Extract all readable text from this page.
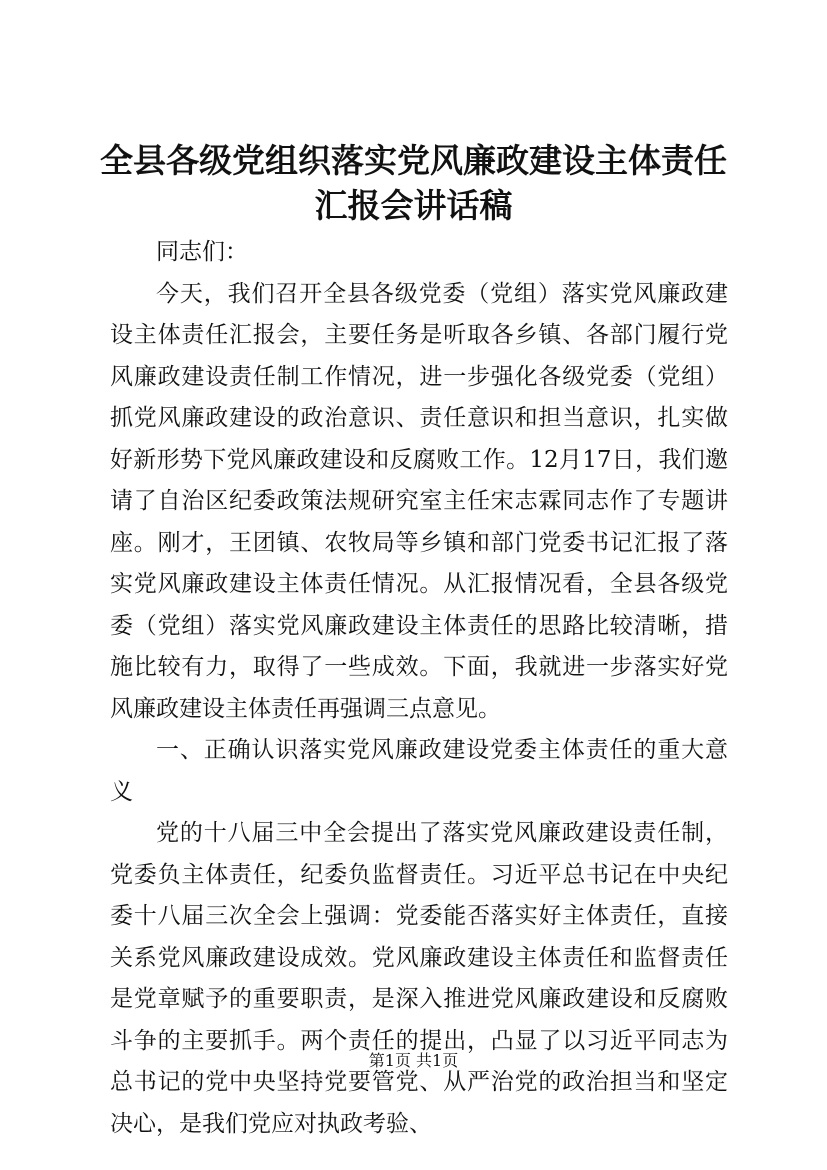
全县各级党组织落实党风廉政建设主体责任汇报会讲话稿

同志们：

今天，我们召开全县各级党委（党组）落实党风廉政建设主体责任汇报会，主要任务是听取各乡镇、各部门履行党风廉政建设责任制工作情况，进一步强化各级党委（党组）抓党风廉政建设的政治意识、责任意识和担当意识，扎实做好新形势下党风廉政建设和反腐败工作。12月17日，我们邀请了自治区纪委政策法规研究室主任宋志霖同志作了专题讲座。刚才，王团镇、农牧局等乡镇和部门党委书记汇报了落实党风廉政建设主体责任情况。从汇报情况看，全县各级党委（党组）落实党风廉政建设主体责任的思路比较清晰，措施比较有力，取得了一些成效。下面，我就进一步落实好党风廉政建设主体责任再强调三点意见。

一、正确认识落实党风廉政建设党委主体责任的重大意义

党的十八届三中全会提出了落实党风廉政建设责任制，党委负主体责任，纪委负监督责任。习近平总书记在中央纪委十八届三次全会上强调：党委能否落实好主体责任，直接关系党风廉政建设成效。党风廉政建设主体责任和监督责任是党章赋予的重要职责，是深入推进党风廉政建设和反腐败斗争的主要抓手。两个责任的提出，凸显了以习近平同志为总书记的党中央坚持党要管党、从严治党的政治担当和坚定决心，是我们党应对执政考验、

第1页 共1页
